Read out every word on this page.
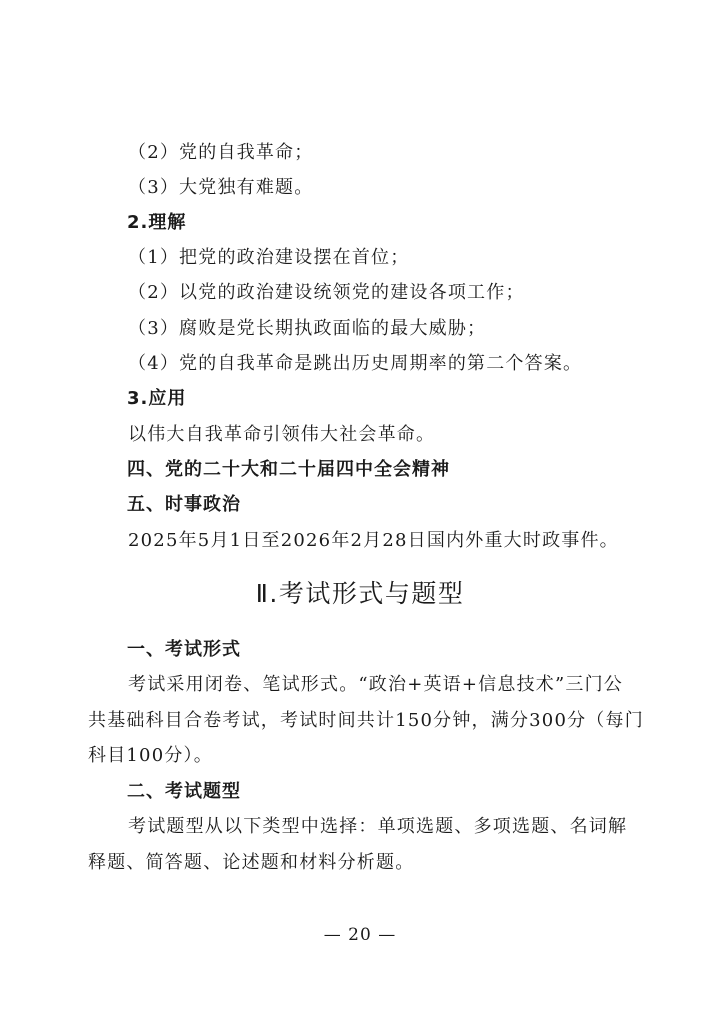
（2）党的自我革命；
（3）大党独有难题。
2.理解
（1）把党的政治建设摆在首位；
（2）以党的政治建设统领党的建设各项工作；
（3）腐败是党长期执政面临的最大威胁；
（4）党的自我革命是跳出历史周期率的第二个答案。
3.应用
以伟大自我革命引领伟大社会革命。
四、党的二十大和二十届四中全会精神
五、时事政治
2025年5月1日至2026年2月28日国内外重大时政事件。
Ⅱ.考试形式与题型
一、考试形式
考试采用闭卷、笔试形式。“政治+英语+信息技术”三门公
共基础科目合卷考试，考试时间共计150分钟，满分300分（每门
科目100分）。
二、考试题型
考试题型从以下类型中选择：单项选题、多项选题、名词解
释题、简答题、论述题和材料分析题。
— 20 —
